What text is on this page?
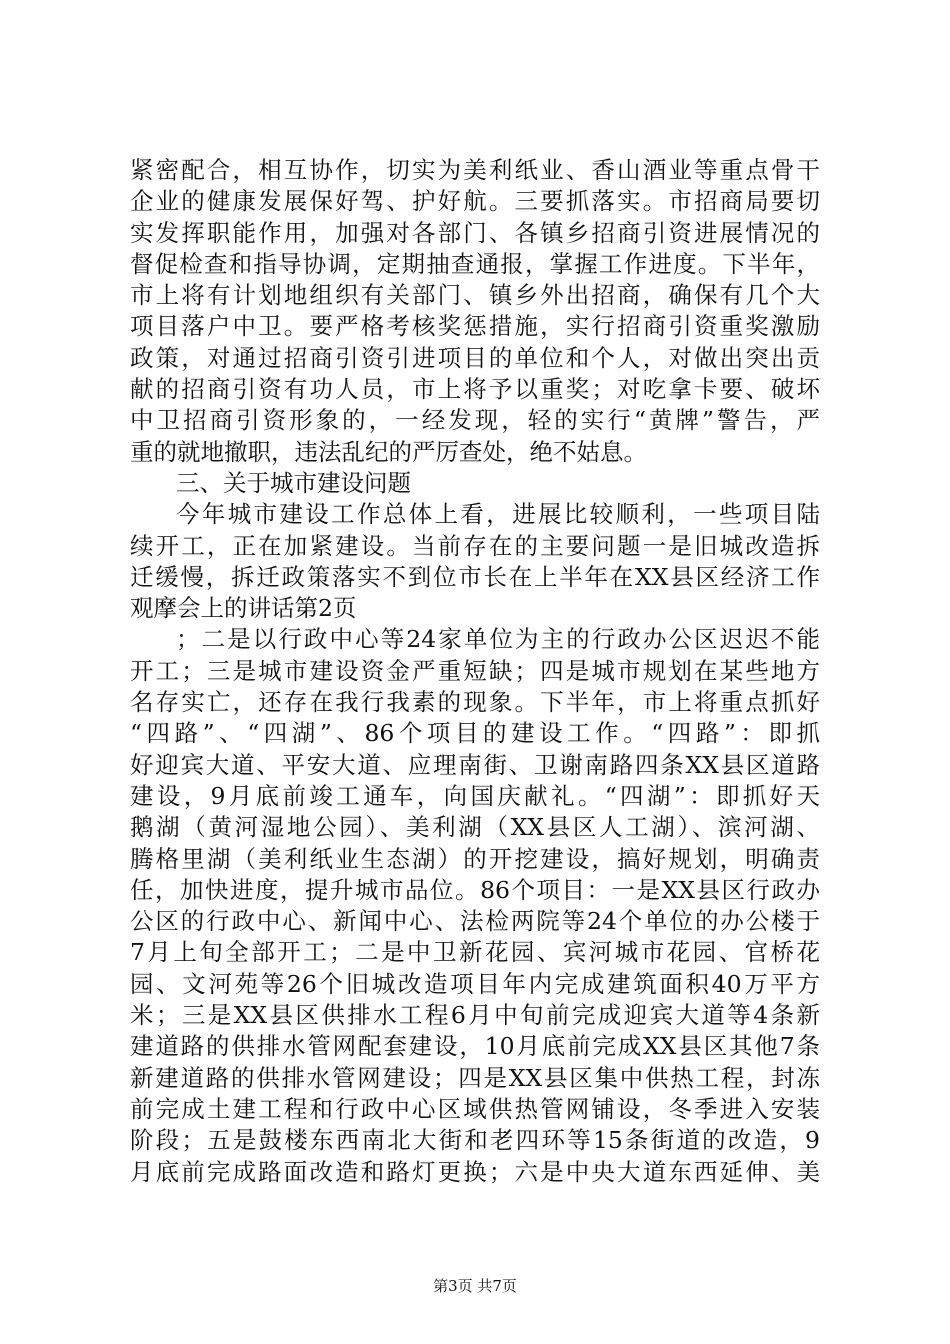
紧密配合，相互协作，切实为美利纸业、香山酒业等重点骨干
企业的健康发展保好驾、护好航。三要抓落实。市招商局要切
实发挥职能作用，加强对各部门、各镇乡招商引资进展情况的
督促检查和指导协调，定期抽查通报，掌握工作进度。下半年，
市上将有计划地组织有关部门、镇乡外出招商，确保有几个大
项目落户中卫。要严格考核奖惩措施，实行招商引资重奖激励
政策，对通过招商引资引进项目的单位和个人，对做出突出贡
献的招商引资有功人员，市上将予以重奖；对吃拿卡要、破坏
中卫招商引资形象的，一经发现，轻的实行“黄牌”警告，严
重的就地撤职，违法乱纪的严厉查处，绝不姑息。
三、关于城市建设问题
今年城市建设工作总体上看，进展比较顺利，一些项目陆
续开工，正在加紧建设。当前存在的主要问题一是旧城改造拆
迁缓慢，拆迁政策落实不到位市长在上半年在XX县区经济工作
观摩会上的讲话第2页
；二是以行政中心等24家单位为主的行政办公区迟迟不能
开工；三是城市建设资金严重短缺；四是城市规划在某些地方
名存实亡，还存在我行我素的现象。下半年，市上将重点抓好
“四路”、“四湖”、86个项目的建设工作。“四路”：即抓
好迎宾大道、平安大道、应理南街、卫谢南路四条XX县区道路
建设，9月底前竣工通车，向国庆献礼。“四湖”：即抓好天
鹅湖（黄河湿地公园）、美利湖（XX县区人工湖）、滨河湖、
腾格里湖（美利纸业生态湖）的开挖建设，搞好规划，明确责
任，加快进度，提升城市品位。86个项目：一是XX县区行政办
公区的行政中心、新闻中心、法检两院等24个单位的办公楼于
7月上旬全部开工；二是中卫新花园、宾河城市花园、官桥花
园、文河苑等26个旧城改造项目年内完成建筑面积40万平方
米；三是XX县区供排水工程6月中旬前完成迎宾大道等4条新
建道路的供排水管网配套建设，10月底前完成XX县区其他7条
新建道路的供排水管网建设；四是XX县区集中供热工程，封冻
前完成土建工程和行政中心区域供热管网铺设，冬季进入安装
阶段；五是鼓楼东西南北大街和老四环等15条街道的改造，9
月底前完成路面改造和路灯更换；六是中央大道东西延伸、美
第3页 共7页
